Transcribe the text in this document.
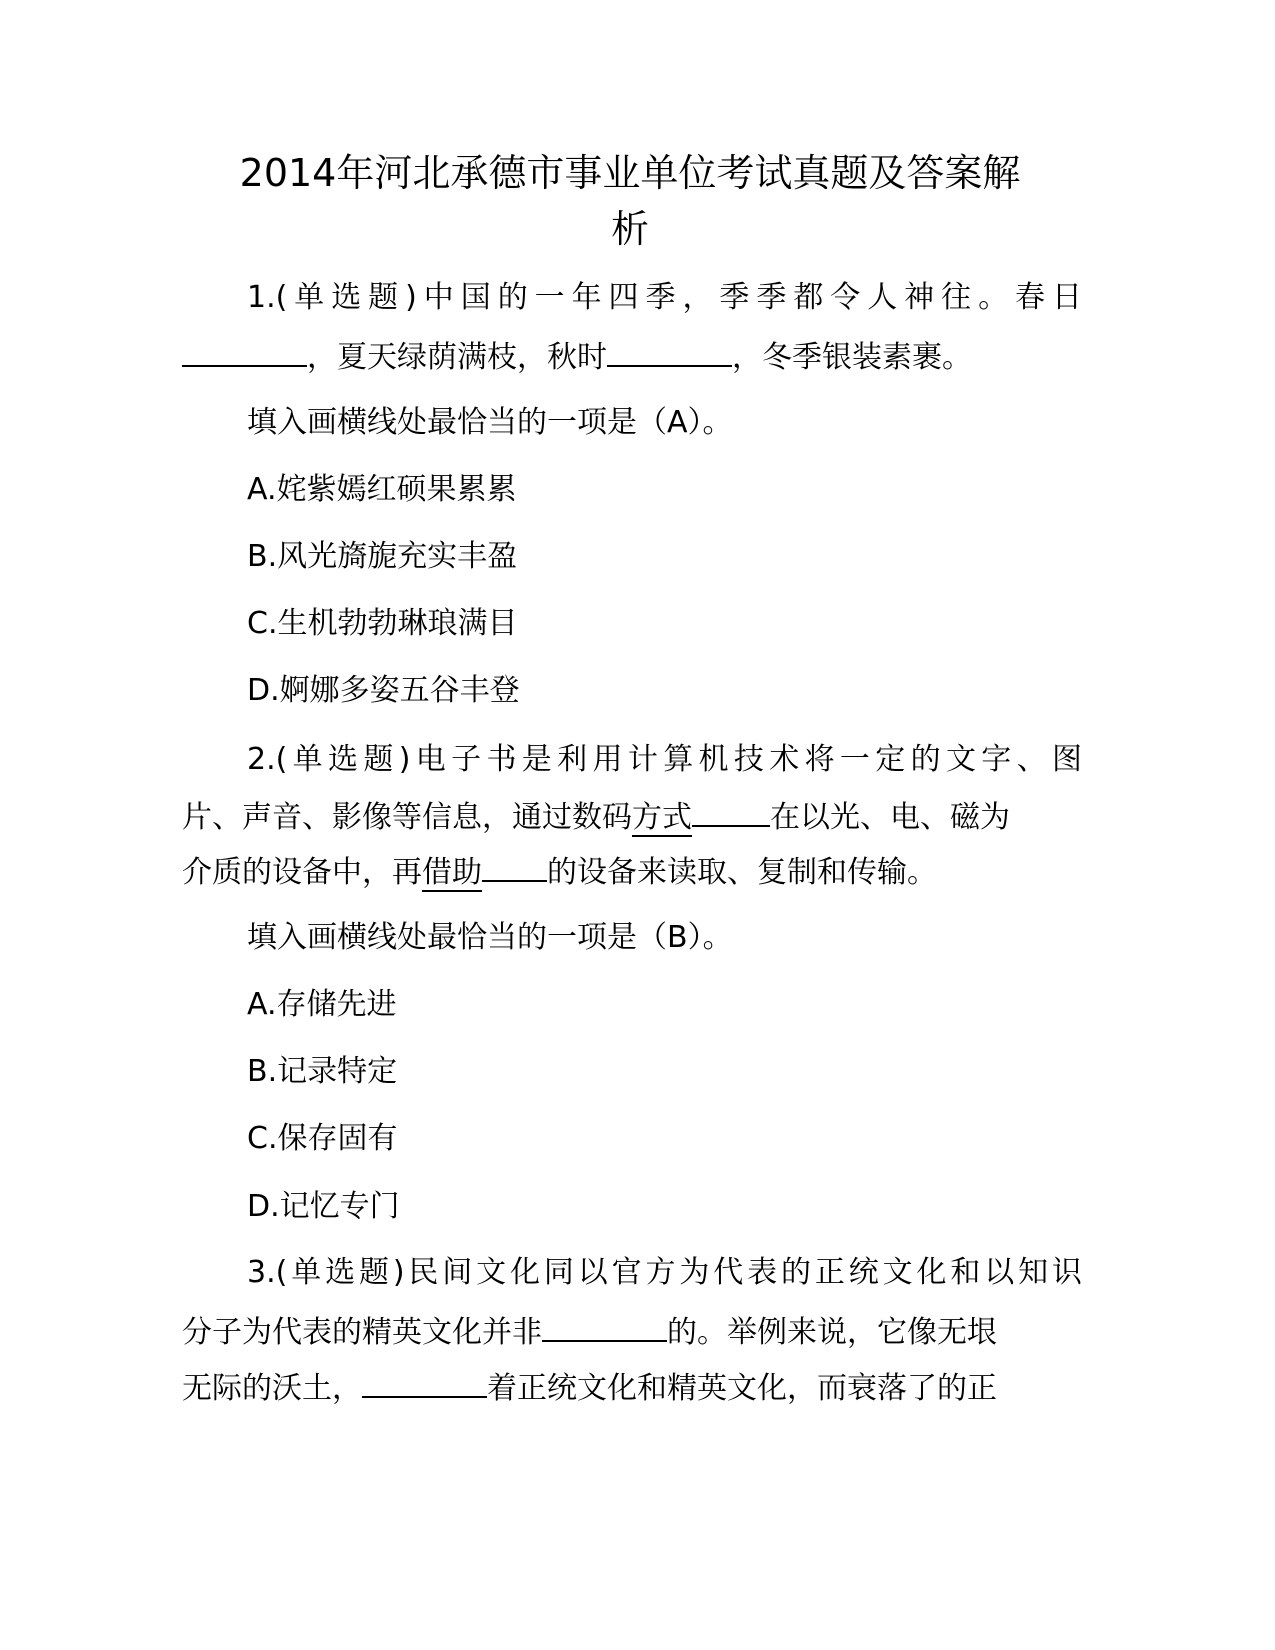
2014年河北承德市事业单位考试真题及答案解
析
1.(单选题)中国的一年四季，季季都令人神往。春日
，夏天绿荫满枝，秋时	，冬季银装素裹。
填入画横线处最恰当的一项是（A）。
A.姹紫嫣红硕果累累
B.风光旖旎充实丰盈
C.生机勃勃琳琅满目
D.婀娜多姿五谷丰登
2.(单选题)电子书是利用计算机技术将一定的文字、图
片、声音、影像等信息，通过数码方式	在以光、电、磁为
介质的设备中，再借助 的设备来读取、复制和传输。
填入画横线处最恰当的一项是（B）。
A.存储先进
B.记录特定
C.保存固有
D.记忆专门
3.(单选题)民间文化同以官方为代表的正统文化和以知识
分子为代表的精英文化并非	的。举例来说，它像无垠
无际的沃土，	着正统文化和精英文化，而衰落了的正
